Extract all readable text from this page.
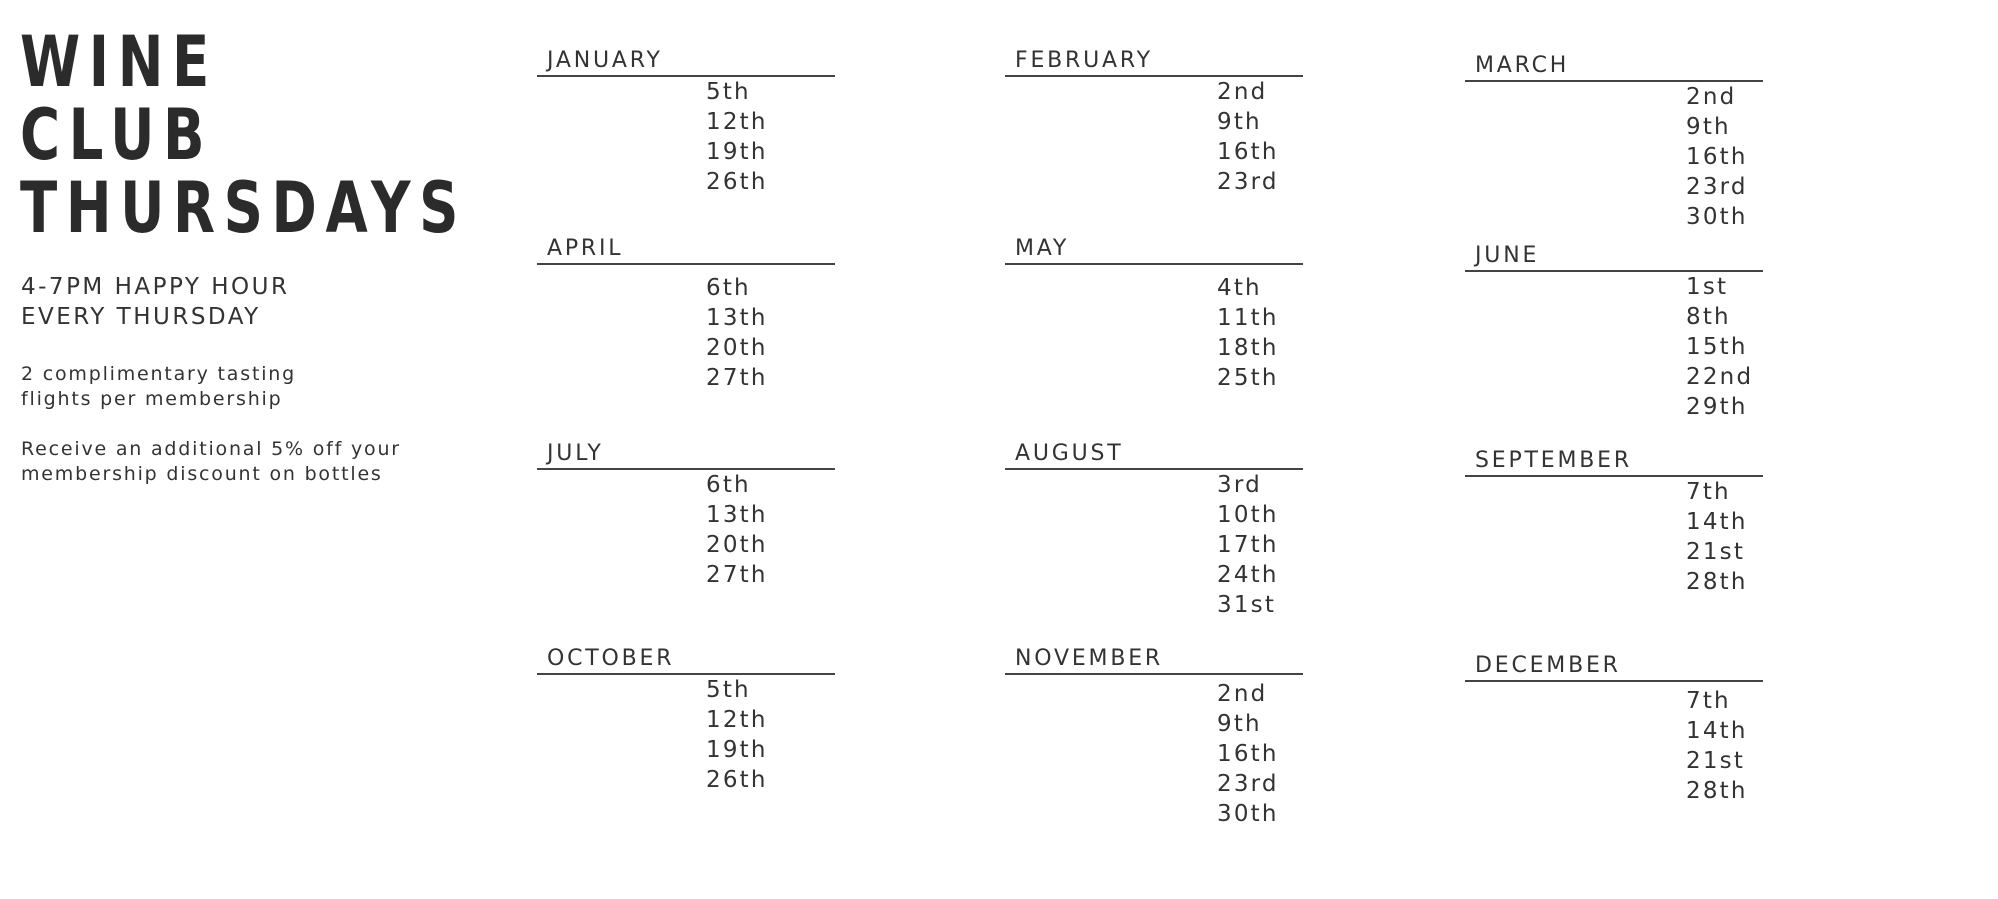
WINE
CLUB
THURSDAYS

4-7PM HAPPY HOUR
EVERY THURSDAY

2 complimentary tasting flights per membership

Receive an additional 5% off your membership discount on bottles

JANUARY
5th
12th
19th
26th
FEBRUARY
2nd
9th
16th
23rd
MARCH
2nd
9th
16th
23rd
30th
APRIL
6th
13th
20th
27th
MAY
4th
11th
18th
25th
JUNE
1st
8th
15th
22nd
29th
JULY
6th
13th
20th
27th
AUGUST
3rd
10th
17th
24th
31st
SEPTEMBER
7th
14th
21st
28th
OCTOBER
5th
12th
19th
26th
NOVEMBER
2nd
9th
16th
23rd
30th
DECEMBER
7th
14th
21st
28th
